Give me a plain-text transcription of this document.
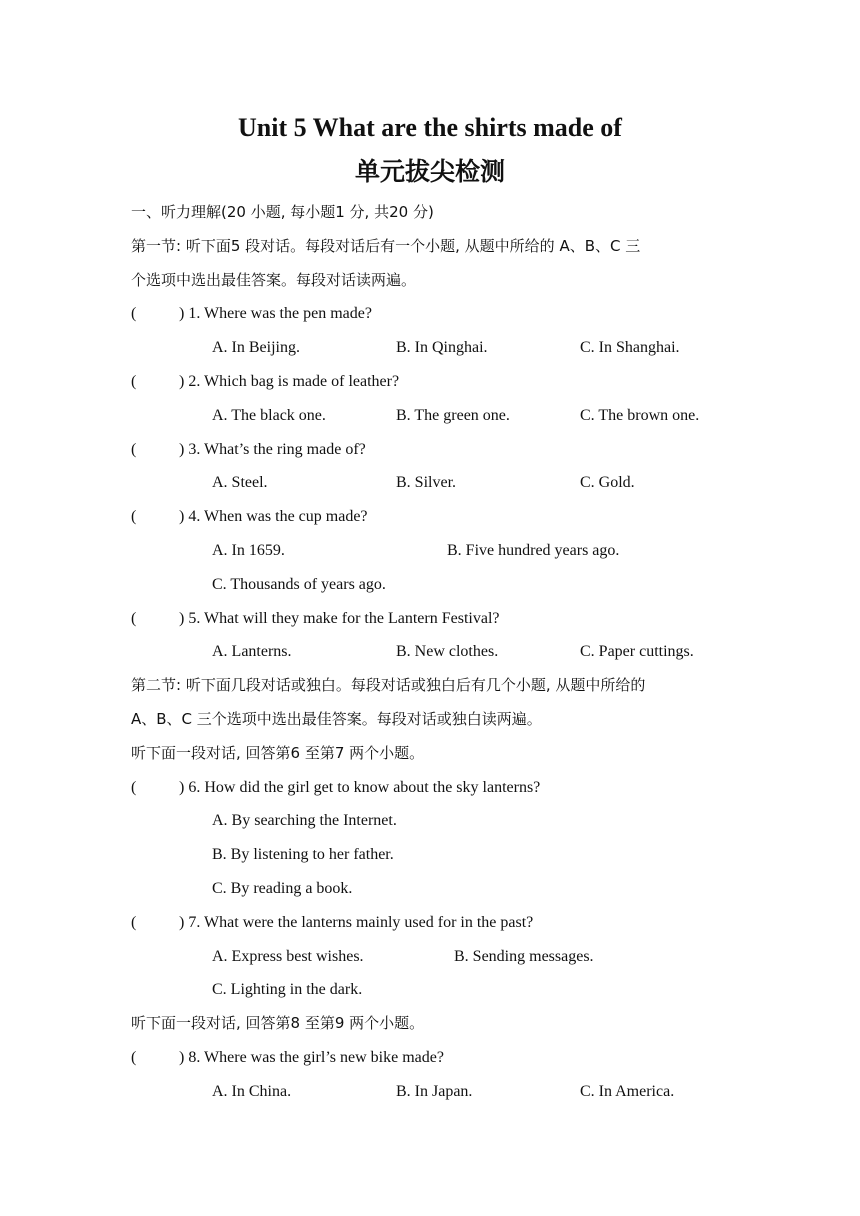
Unit 5 What are the shirts made of
单元拔尖检测
一、听力理解(20 小题, 每小题1 分, 共20 分)
第一节: 听下面5 段对话。每段对话后有一个小题, 从题中所给的 A、B、C 三
个选项中选出最佳答案。每段对话读两遍。
(	) 1. Where was the pen made?
A. In Beijing.	B. In Qinghai.	C. In Shanghai.
(	) 2. Which bag is made of leather?
A. The black one.	B. The green one.	C. The brown one.
(	) 3. What’s the ring made of?
A. Steel.	B. Silver.	C. Gold.
(	) 4. When was the cup made?
A. In 1659.	B. Five hundred years ago.
C. Thousands of years ago.
(	) 5. What will they make for the Lantern Festival?
A. Lanterns.	B. New clothes.	C. Paper cuttings.
第二节: 听下面几段对话或独白。每段对话或独白后有几个小题, 从题中所给的
A、B、C 三个选项中选出最佳答案。每段对话或独白读两遍。
听下面一段对话, 回答第6 至第7 两个小题。
(	) 6. How did the girl get to know about the sky lanterns?
A. By searching the Internet.
B. By listening to her father.
C. By reading a book.
(	) 7. What were the lanterns mainly used for in the past?
A. Express best wishes.	B. Sending messages.
C. Lighting in the dark.
听下面一段对话, 回答第8 至第9 两个小题。
(	) 8. Where was the girl’s new bike made?
A. In China.	B. In Japan.	C. In America.
